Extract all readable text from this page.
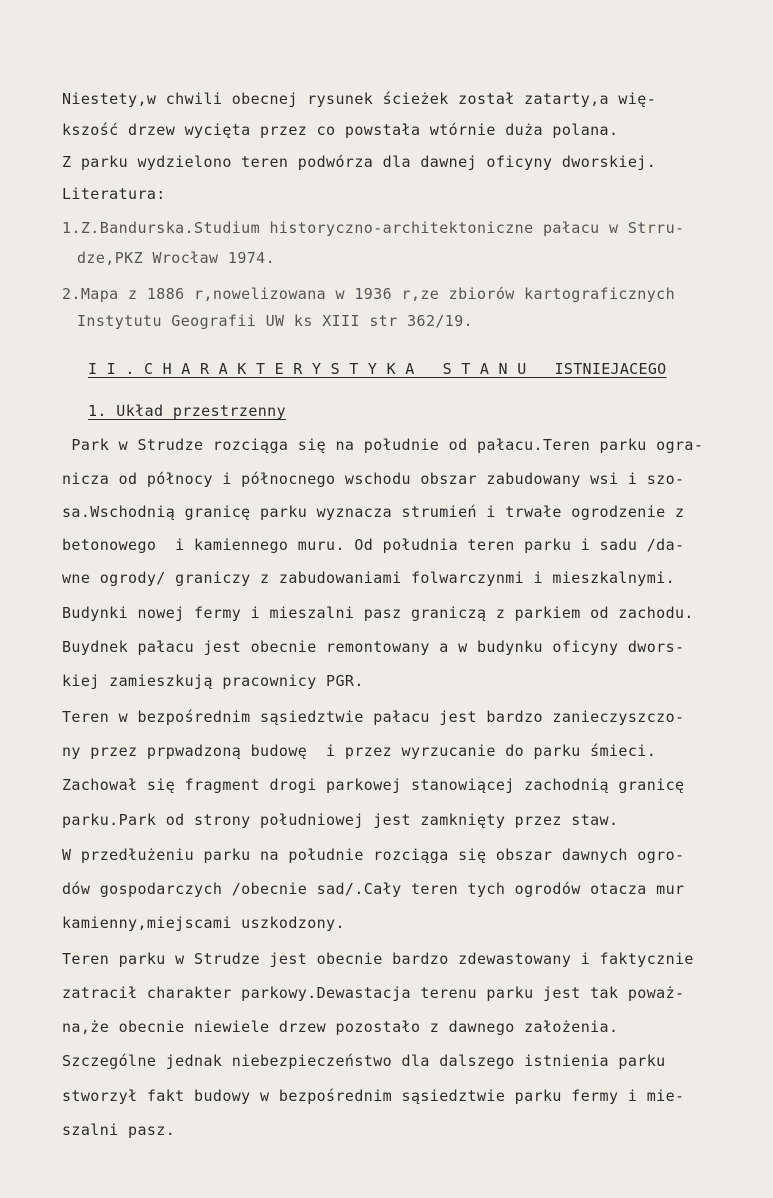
Niestety,w chwili obecnej rysunek ścieżek został zatarty,a wię-

kszość drzew wycięta przez co powstała wtórnie duża polana.

Z parku wydzielono teren podwórza dla dawnej oficyny dworskiej.

Literatura:

1.Z.Bandurska.Studium historyczno-architektoniczne pałacu w Strru-

dze,PKZ Wrocław 1974.

2.Mapa z 1886 r,nowelizowana w 1936 r,ze zbiorów kartograficznych

Instytutu Geografii UW ks XIII str 362/19.

I I . C H A R A K T E R Y S T Y K A   S T A N U   ISTNIEJACEGO

1. Układ przestrzenny

Park w Strudze rozciąga się na południe od pałacu.Teren parku ogra-

nicza od północy i północnego wschodu obszar zabudowany wsi i szo-

sa.Wschodnią granicę parku wyznacza strumień i trwałe ogrodzenie z

betonowego  i kamiennego muru. Od południa teren parku i sadu /da-

wne ogrody/ graniczy z zabudowaniami folwarczynmi i mieszkalnymi.

Budynki nowej fermy i mieszalni pasz graniczą z parkiem od zachodu.

Buydnek pałacu jest obecnie remontowany a w budynku oficyny dwors-

kiej zamieszkują pracownicy PGR.

Teren w bezpośrednim sąsiedztwie pałacu jest bardzo zanieczyszczo-

ny przez prpwadzoną budowę  i przez wyrzucanie do parku śmieci.

Zachował się fragment drogi parkowej stanowiącej zachodnią granicę

parku.Park od strony południowej jest zamknięty przez staw.

W przedłużeniu parku na południe rozciąga się obszar dawnych ogro-

dów gospodarczych /obecnie sad/.Cały teren tych ogrodów otacza mur

kamienny,miejscami uszkodzony.

Teren parku w Strudze jest obecnie bardzo zdewastowany i faktycznie

zatracił charakter parkowy.Dewastacja terenu parku jest tak poważ-

na,że obecnie niewiele drzew pozostało z dawnego założenia.

Szczególne jednak niebezpieczeństwo dla dalszego istnienia parku

stworzył fakt budowy w bezpośrednim sąsiedztwie parku fermy i mie-

szalni pasz.
